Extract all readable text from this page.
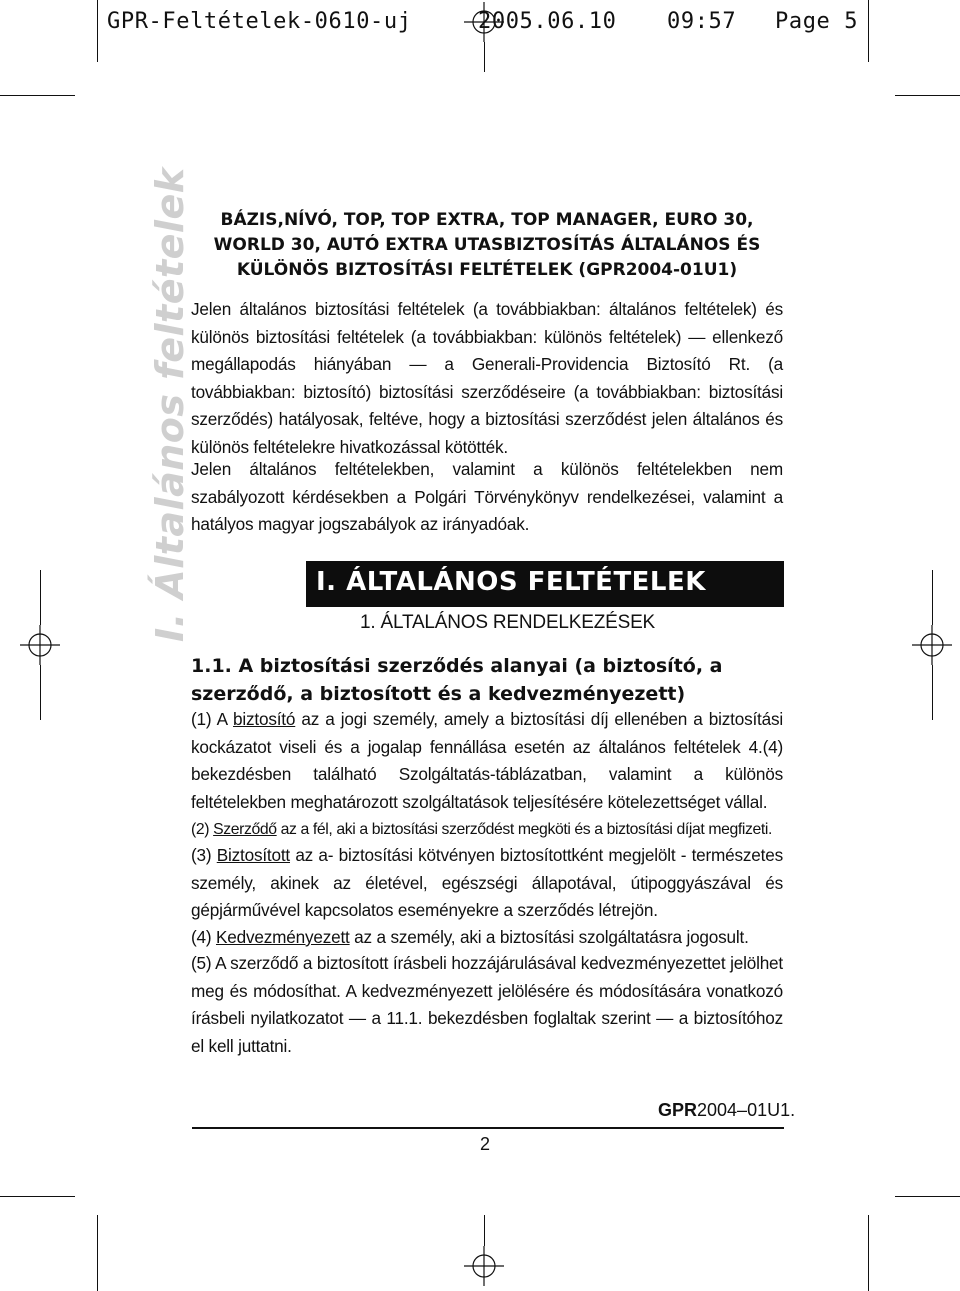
GPR-Feltételek-0610-uj

	2005.06.10

09:57

Page 5

I. Általános feltételek	BÁZIS,NÍVÓ, TOP, TOP EXTRA, TOP MANAGER, EURO 30, WORLD 30, AUTÓ EXTRA UTASBIZTOSÍTÁS ÁLTALÁNOS ÉS KÜLÖNÖS BIZTOSÍTÁSI FELTÉTELEK (GPR2004-01U1)
Jelen általános biztosítási feltételek (a továbbiakban: általános feltételek) és különös biztosítási feltételek (a továbbiakban: különös feltételek) — ellenkező megállapodás hiányában — a Generali-Providencia Biztosító Rt. (a továbbiakban: biztosító) biztosítási szerződéseire (a továbbiakban: biztosítási szerződés) hatályosak, feltéve, hogy a biztosítási szerződést jelen általános és különös feltételekre hivatkozással kötötték.
Jelen általános feltételekben, valamint a különös feltételekben nem szabályozott kérdésekben a Polgári Törvénykönyv rendelkezései, valamint a hatályos magyar jogszabályok az irányadóak.
I. ÁLTALÁNOS FELTÉTELEK
1. ÁLTALÁNOS RENDELKEZÉSEK
1.1. A biztosítási szerződés alanyai (a biztosító, a szerződő, a biztosított és a kedvezményezett)
(1) A biztosító az a jogi személy, amely a biztosítási díj ellenében a biztosítási kockázatot viseli és a jogalap fennállása esetén az általános feltételek 4.(4) bekezdésben található Szolgáltatás-táblázatban, valamint a különös feltételekben meghatározott szolgáltatások teljesítésére kötelezettséget vállal.
(2) Szerződő az a fél, aki a biztosítási szerződést megköti és a biztosítási díjat megfizeti.
(3) Biztosított az a- biztosítási kötvényen biztosítottként megjelölt - természetes személy, akinek az életével, egészségi állapotával, útipoggyászával és gépjárművével kapcsolatos eseményekre a szerződés létrejön.
(4) Kedvezményezett az a személy, aki a biztosítási szolgáltatásra jogosult.
(5) A szerződő a biztosított írásbeli hozzájárulásával kedvezményezettet jelölhet meg és módosíthat. A kedvezményezett jelölésére és módosítására vonatkozó írásbeli nyilatkozatot — a 11.1. bekezdésben foglaltak szerint — a biztosítóhoz el kell juttatni.
GPR2004–01U1.
2
